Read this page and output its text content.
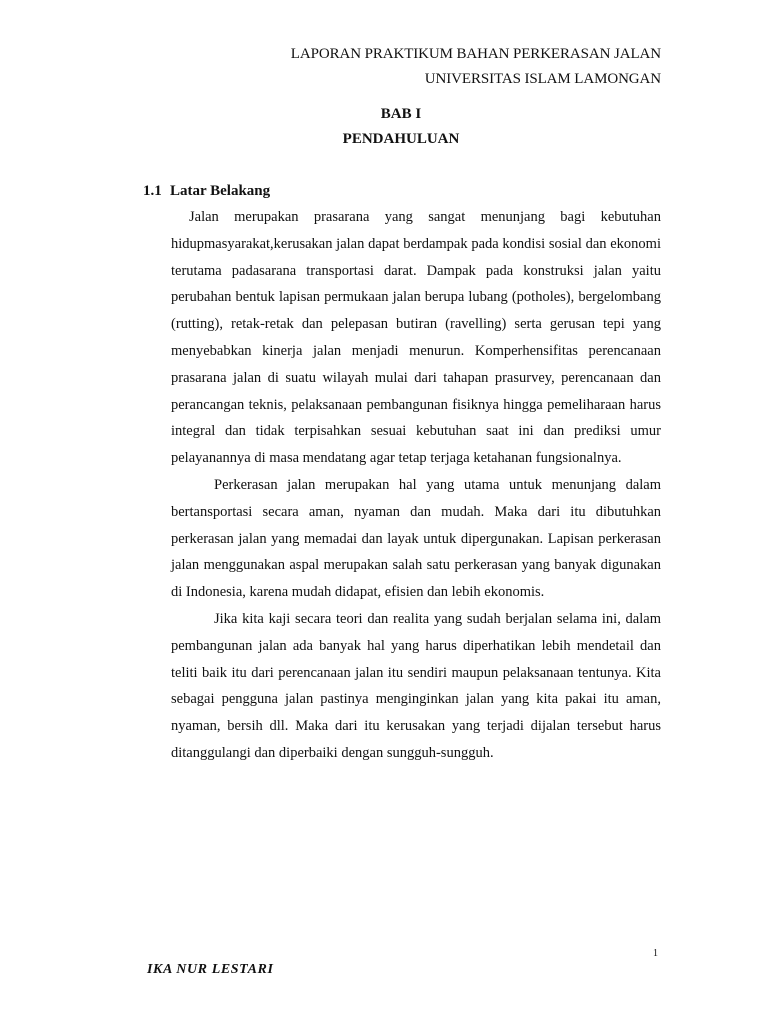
LAPORAN PRAKTIKUM BAHAN PERKERASAN JALAN
UNIVERSITAS ISLAM LAMONGAN
BAB I
PENDAHULUAN
1.1 Latar Belakang

Jalan merupakan prasarana yang sangat menunjang bagi kebutuhan hidupmasyarakat,kerusakan jalan dapat berdampak pada kondisi sosial dan ekonomi terutama padasarana transportasi darat. Dampak pada konstruksi jalan yaitu perubahan bentuk lapisan permukaan jalan berupa lubang (potholes), bergelombang (rutting), retak-retak dan pelepasan butiran (ravelling) serta gerusan tepi yang menyebabkan kinerja jalan menjadi menurun. Komperhensifitas perencanaan prasarana jalan di suatu wilayah mulai dari tahapan prasurvey, perencanaan dan perancangan teknis, pelaksanaan pembangunan fisiknya hingga pemeliharaan harus integral dan tidak terpisahkan sesuai kebutuhan saat ini dan prediksi umur pelayanannya di masa mendatang agar tetap terjaga ketahanan fungsionalnya.

Perkerasan jalan merupakan hal yang utama untuk menunjang dalam bertansportasi secara aman, nyaman dan mudah. Maka dari itu dibutuhkan perkerasan jalan yang memadai dan layak untuk dipergunakan. Lapisan perkerasan jalan menggunakan aspal merupakan salah satu perkerasan yang banyak digunakan di Indonesia, karena mudah didapat, efisien dan lebih ekonomis.

Jika kita kaji secara teori dan realita yang sudah berjalan selama ini, dalam pembangunan jalan ada banyak hal yang harus diperhatikan lebih mendetail dan teliti baik itu dari perencanaan jalan itu sendiri maupun pelaksanaan tentunya. Kita sebagai pengguna jalan pastinya menginginkan jalan yang kita pakai itu aman, nyaman, bersih dll. Maka dari itu kerusakan yang terjadi dijalan tersebut harus ditanggulangi dan diperbaiki dengan sungguh-sungguh.

1
IKA NUR LESTARI
